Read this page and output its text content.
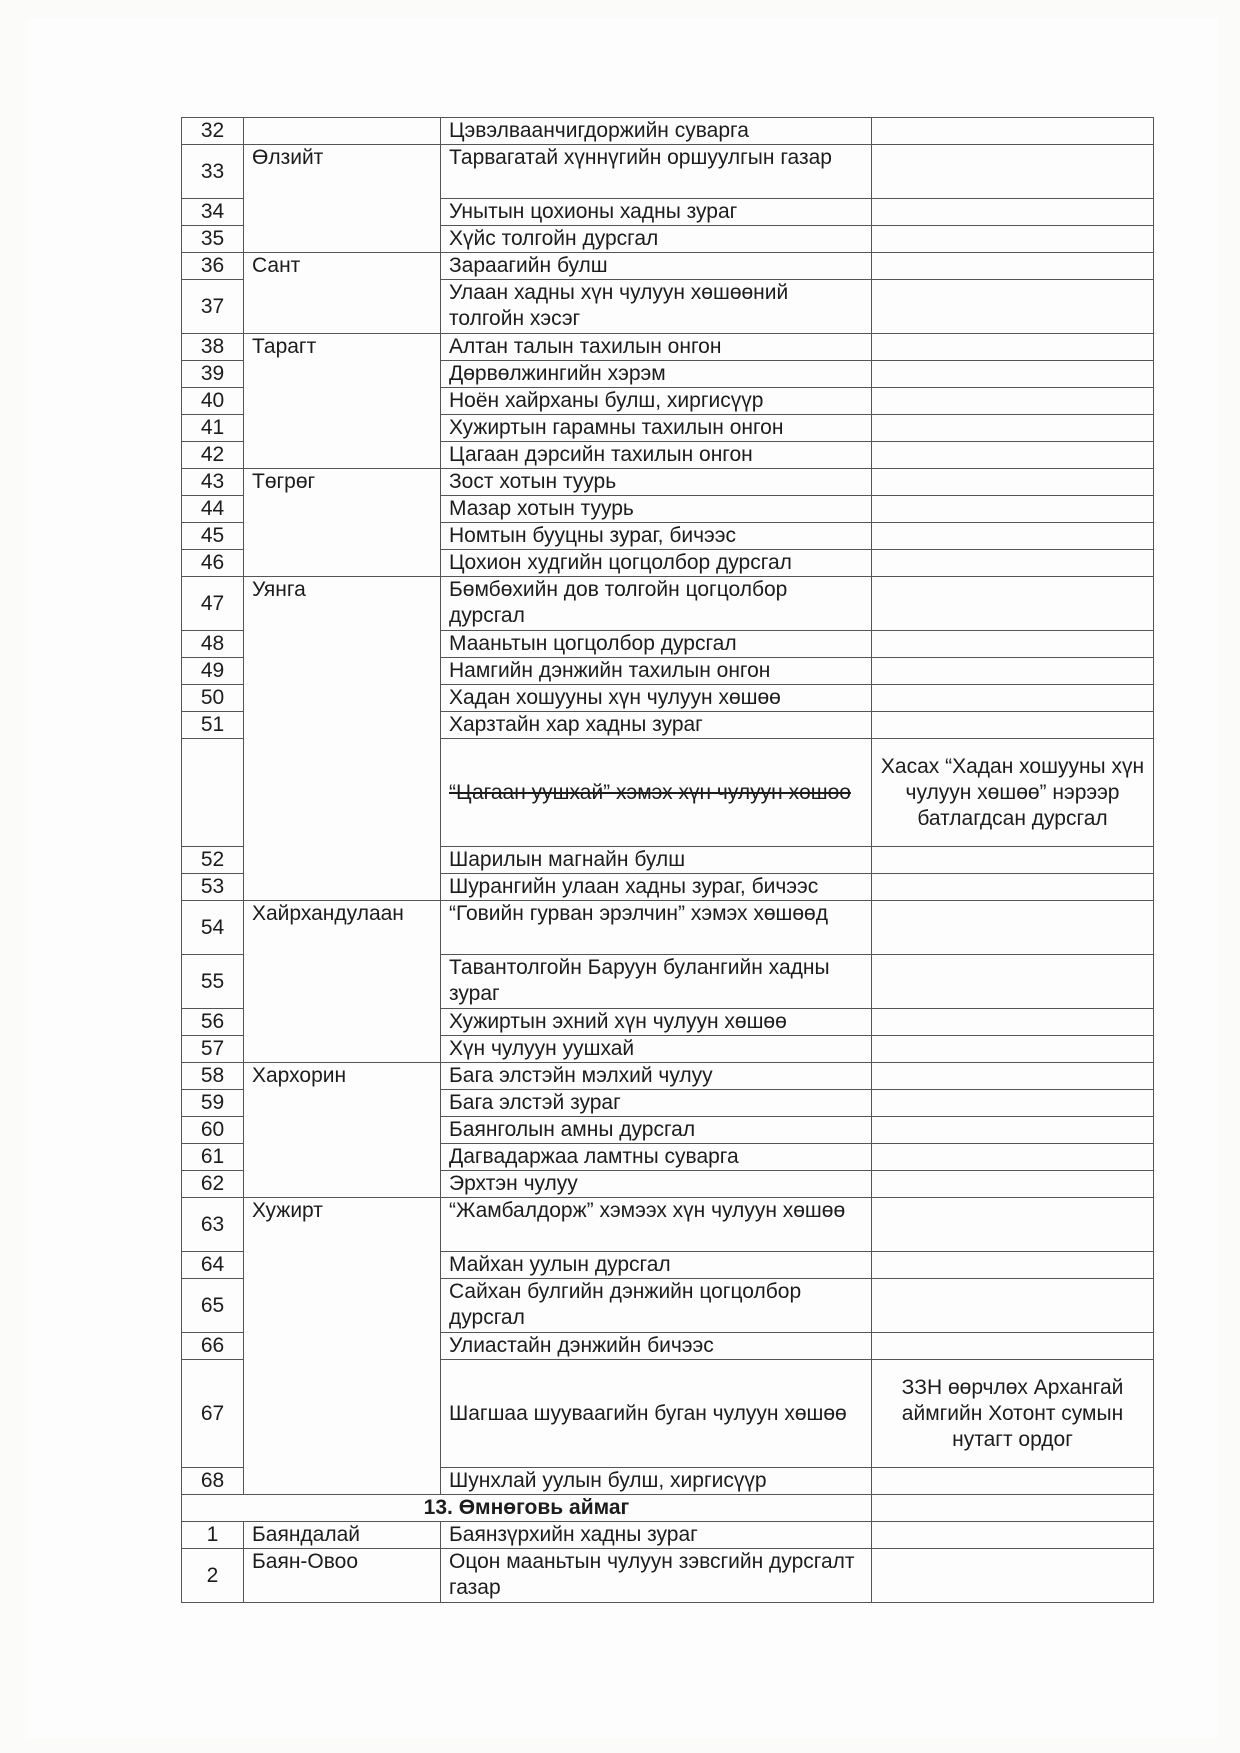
32		Цэвэлваанчигдоржийн суварга	
33	Өлзийт	Тарвагатай хүннүгийн оршуулгын газар	
34		Унытын цохионы хадны зураг	
35		Хүйс толгойн дурсгал	
36	Сант	Зараагийн булш	
37		Улаан хадны хүн чулуун хөшөөний толгойн хэсэг	
38	Тарагт	Алтан талын тахилын онгон	
39		Дөрвөлжингийн хэрэм	
40		Ноён хайрханы булш, хиргисүүр	
41		Хужиртын гарамны тахилын онгон	
42		Цагаан дэрсийн тахилын онгон	
43	Төгрөг	Зост хотын туурь	
44		Мазар хотын туурь	
45		Номтын бууцны зураг, бичээс	
46		Цохион худгийн цогцолбор дурсгал	
47	Уянга	Бөмбөхийн дов толгойн цогцолбор дурсгал	
48		Мааньтын цогцолбор дурсгал	
49		Намгийн дэнжийн тахилын онгон	
50		Хадан хошууны хүн чулуун хөшөө	
51		Харзтайн хар хадны зураг	
		“Цагаан уушхай” хэмэх хүн чулуун хөшөө	Хасах “Хадан хошууны хүн чулуун хөшөө” нэрээр батлагдсан дурсгал
52		Шарилын магнайн булш	
53		Шурангийн улаан хадны зураг, бичээс	
54	Хайрхандулаан	“Говийн гурван эрэлчин” хэмэх хөшөөд	
55		Тавантолгойн Баруун булангийн хадны зураг	
56		Хужиртын эхний хүн чулуун хөшөө	
57		Хүн чулуун уушхай	
58	Хархорин	Бага элстэйн мэлхий чулуу	
59		Бага элстэй зураг	
60		Баянголын амны дурсгал	
61		Дагвадаржаа ламтны суварга	
62		Эрхтэн чулуу	
63	Хужирт	“Жамбалдорж” хэмээх хүн чулуун хөшөө	
64		Майхан уулын дурсгал	
65		Сайхан булгийн дэнжийн цогцолбор дурсгал	
66		Улиастайн дэнжийн бичээс	
67		Шагшаа шууваагийн буган чулуун хөшөө	ЗЗН өөрчлөх Архангай аймгийн Хотонт сумын нутагт ордог
68		Шунхлай уулын булш, хиргисүүр	
13. Өмнөговь аймаг			
1	Баяндалай	Баянзүрхийн хадны зураг	
2	Баян-Овоо	Оцон мааньтын чулуун зэвсгийн дурсгалт газар	
